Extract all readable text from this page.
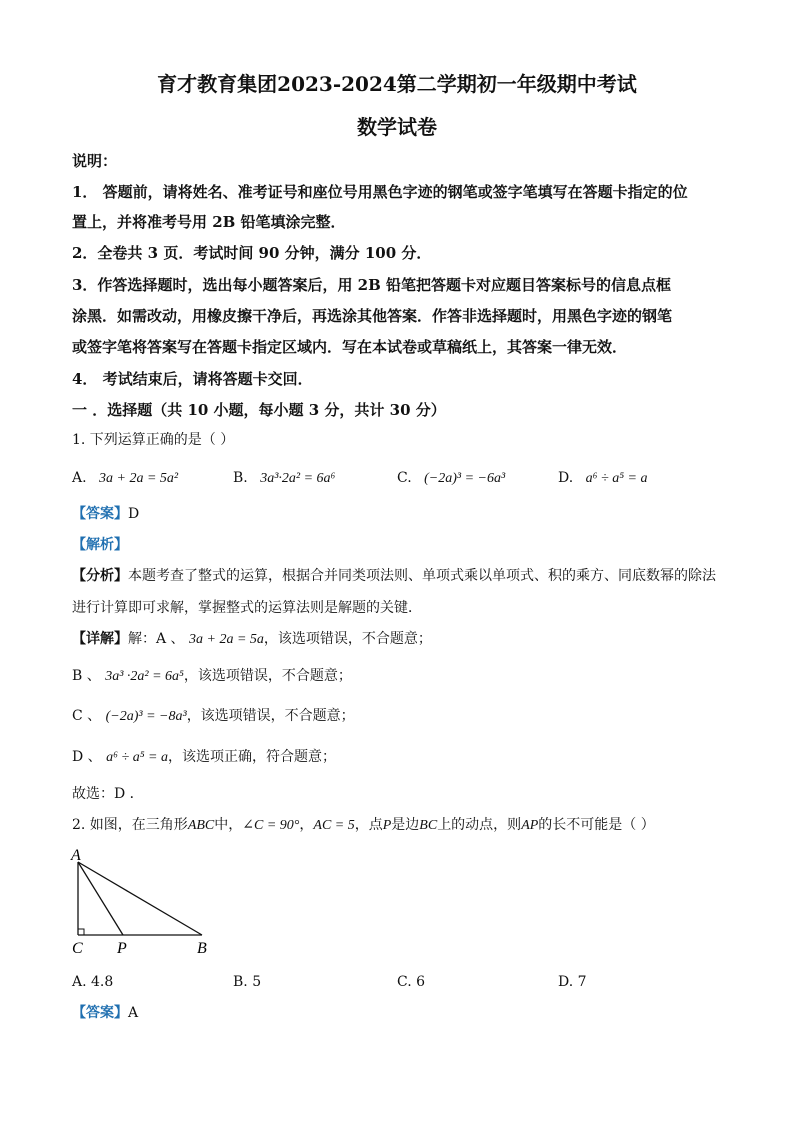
育才教育集团2023-2024第二学期初一年级期中考试
数学试卷
说明：
1． 答题前，请将姓名、准考证号和座位号用黑色字迹的钢笔或签字笔填写在答题卡指定的位
置上，并将准考号用 2B 铅笔填涂完整．
2．全卷共 3 页．考试时间 90 分钟，满分 100 分．
3．作答选择题时，选出每小题答案后，用 2B 铅笔把答题卡对应题目答案标号的信息点框
涂黑．如需改动，用橡皮擦干净后，再选涂其他答案．作答非选择题时，用黑色字迹的钢笔
或签字笔将答案写在答题卡指定区域内．写在本试卷或草稿纸上，其答案一律无效．
4． 考试结束后，请将答题卡交回．
一 ．选择题（共 10 小题，每小题 3 分，共计 30 分）
1. 下列运算正确的是（ ）
A. 3a + 2a = 5a²	B. 3a³·2a² = 6a⁶	C. (−2a)³ = −6a³	D. a⁶ ÷ a⁵ = a
【答案】D
【解析】
【分析】本题考查了整式的运算，根据合并同类项法则、单项式乘以单项式、积的乘方、同底数幂的除法
进行计算即可求解，掌握整式的运算法则是解题的关键．
【详解】解：A 、 3a + 2a = 5a，该选项错误，不合题意；
B 、 3a³ ⁠·2a² = 6a⁵，该选项错误，不合题意；
C 、 (−2a)³ = −8a³，该选项错误，不合题意；
D 、 a⁶ ÷ a⁵ = a，该选项正确，符合题意；
故选：D ．
2. 如图，在三角形ABC中，∠C = 90°，AC = 5，点P是边BC上的动点，则AP的长不可能是（ ）
A
C P	B
A. 4.8	B. 5	C. 6	D. 7
【答案】A
